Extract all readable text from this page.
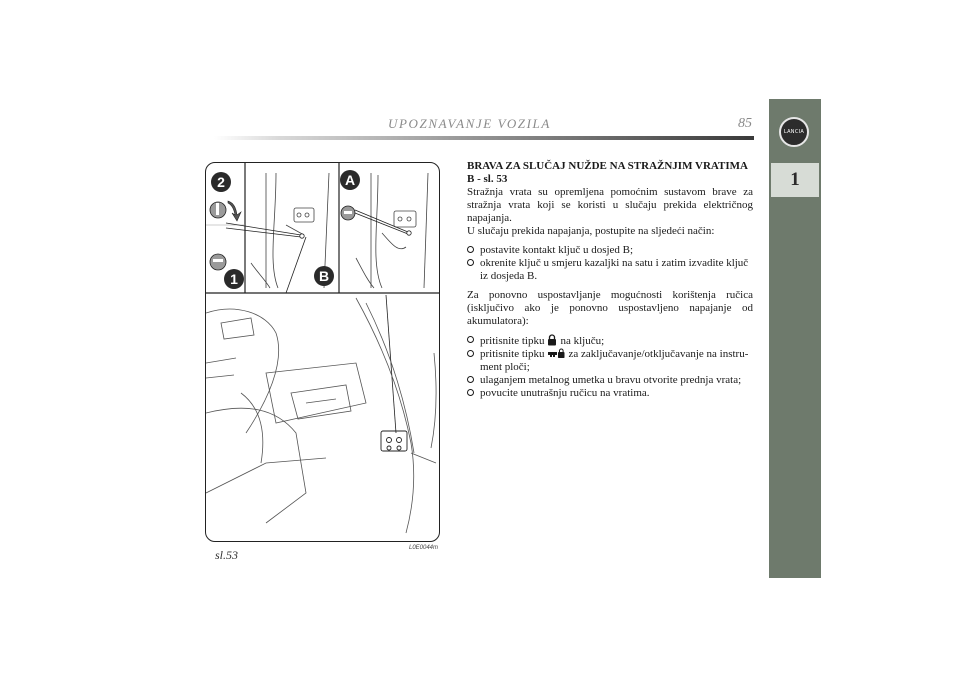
UPOZNAVANJE VOZILA	85
LANCIA
1
2
1
A
B
sl.53	L0E0044m
BRAVA ZA SLUČAJ NUŽDE NA STRAŽNJIM VRATIMA
B - sl. 53

Stražnja vrata su opremljena pomoćnim sustavom brave za stražnja vrata koji se koristi u slučaju prekida električnog napajanja.
U slučaju prekida napajanja, postupite na sljedeći način:

postavite kontakt ključ u dosjed B;
okrenite ključ u smjeru kazaljki na satu i zatim izvadite ključ iz dosjeda B.

Za ponovno uspostavljanje mogućnosti korištenja ručica (isključivo ako je ponovno uspostavljeno napajanje od akumulatora):

pritisnite tipku na ključu;
pritisnite tipku za zaključavanje/otključavanje na instru-ment ploči;
ulaganjem metalnog umetka u bravu otvorite prednja vrata;
povucite unutrašnju ručicu na vratima.
